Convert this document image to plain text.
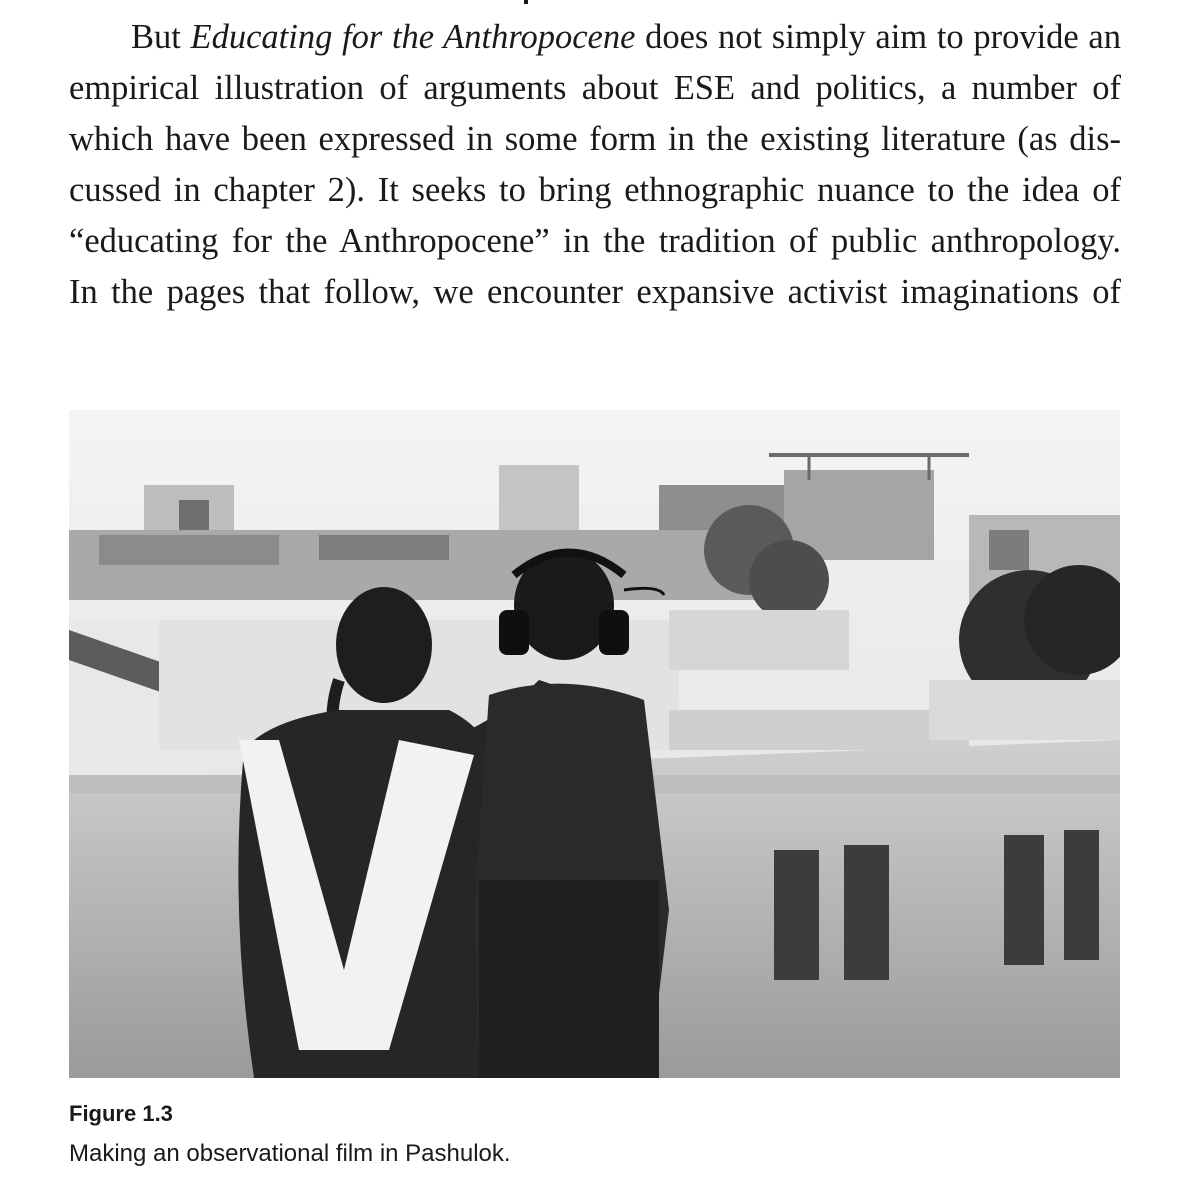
But Educating for the Anthropocene does not simply aim to provide an
empirical illustration of arguments about ESE and politics, a number of
which have been expressed in some form in the existing literature (as dis-
cussed in chapter 2). It seeks to bring ethnographic nuance to the idea of
“educating for the Anthropocene” in the tradition of public anthropology.
In the pages that follow, we encounter expansive activist imaginations of
Figure 1.3
Making an observational film in Pashulok.
